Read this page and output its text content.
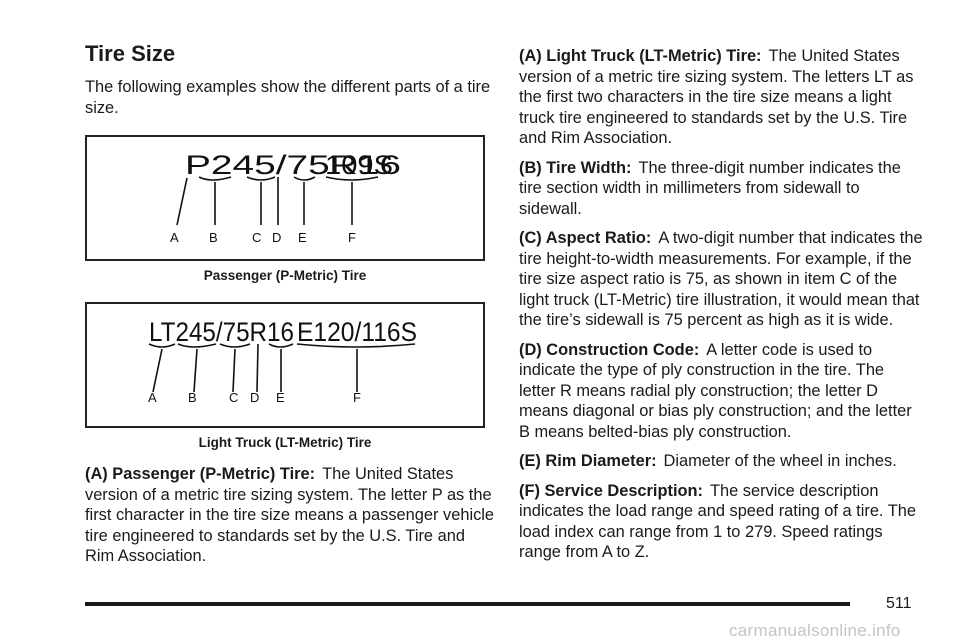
Tire Size

The following examples show the different parts of a tire size.

P245/75R16
109S
A B	C D E	F
Passenger (P-Metric) Tire
LT245/75R16 E120/116S
A B C D E	F
Light Truck (LT-Metric) Tire

(A) Passenger (P-Metric) Tire: The United States version of a metric tire sizing system. The letter P as the first character in the tire size means a passenger vehicle tire engineered to standards set by the U.S. Tire and Rim Association.

(A) Light Truck (LT-Metric) Tire: The United States version of a metric tire sizing system. The letters LT as the first two characters in the tire size means a light truck tire engineered to standards set by the U.S. Tire and Rim Association.

(B) Tire Width: The three-digit number indicates the tire section width in millimeters from sidewall to sidewall.

(C) Aspect Ratio: A two-digit number that indicates the tire height-to-width measurements. For example, if the tire size aspect ratio is 75, as shown in item C of the light truck (LT-Metric) tire illustration, it would mean that the tire’s sidewall is 75 percent as high as it is wide.

(D) Construction Code: A letter code is used to indicate the type of ply construction in the tire. The letter R means radial ply construction; the letter D means diagonal or bias ply construction; and the letter B means belted-bias ply construction.

(E) Rim Diameter: Diameter of the wheel in inches.

(F) Service Description: The service description indicates the load range and speed rating of a tire. The load index can range from 1 to 279. Speed ratings range from A to Z.

511
carmanualsonline.info
